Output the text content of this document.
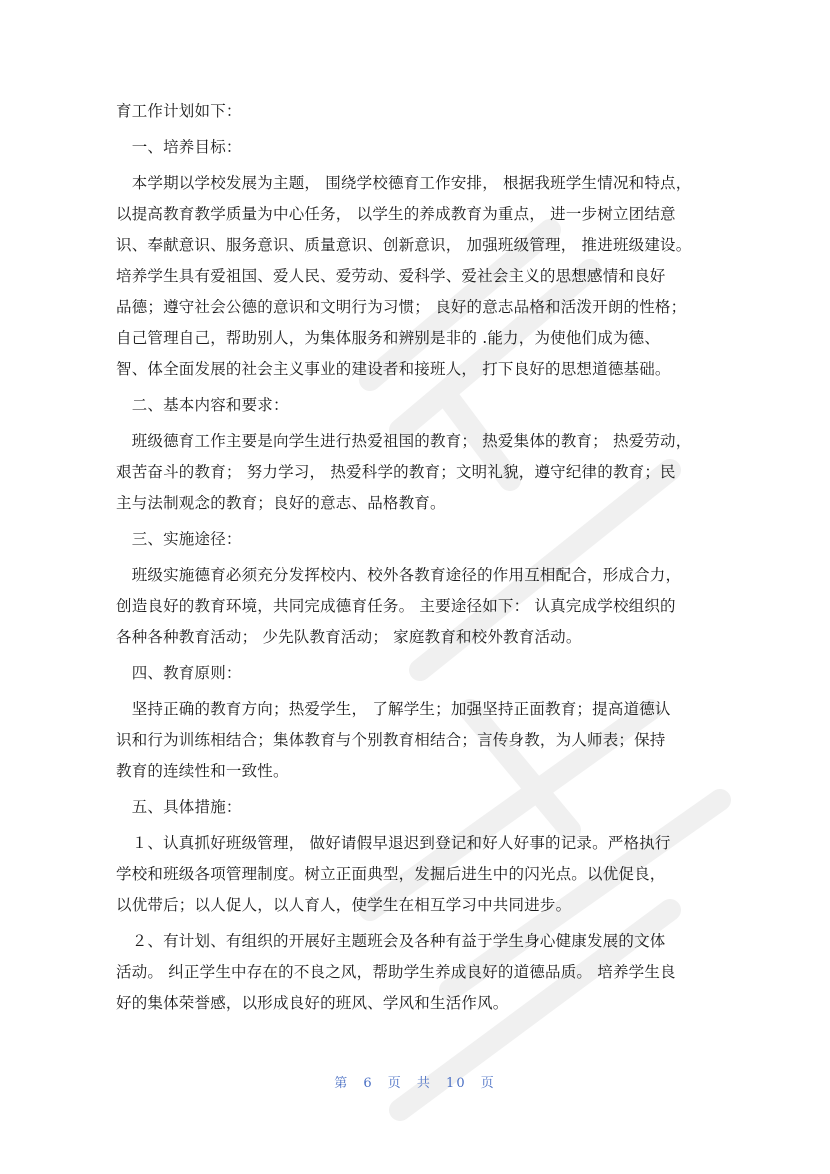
育工作计划如下：
　一、培养目标：
　本学期以学校发展为主题， 围绕学校德育工作安排， 根据我班学生情况和特点，
以提高教育教学质量为中心任务， 以学生的养成教育为重点， 进一步树立团结意
识、奉献意识、服务意识、质量意识、创新意识， 加强班级管理， 推进班级建设。
培养学生具有爱祖国、爱人民、爱劳动、爱科学、爱社会主义的思想感情和良好
品德；遵守社会公德的意识和文明行为习惯； 良好的意志品格和活泼开朗的性格；
自己管理自己，帮助别人，为集体服务和辨别是非的 .能力，为使他们成为德、
智、体全面发展的社会主义事业的建设者和接班人， 打下良好的思想道德基础。
　二、基本内容和要求：
　班级德育工作主要是向学生进行热爱祖国的教育； 热爱集体的教育； 热爱劳动，
艰苦奋斗的教育； 努力学习， 热爱科学的教育；文明礼貌，遵守纪律的教育；民
主与法制观念的教育；良好的意志、品格教育。
　三、实施途径：
　班级实施德育必须充分发挥校内、校外各教育途径的作用互相配合，形成合力，
创造良好的教育环境，共同完成德育任务。 主要途径如下： 认真完成学校组织的
各种各种教育活动； 少先队教育活动； 家庭教育和校外教育活动。
　四、教育原则：
　坚持正确的教育方向；热爱学生， 了解学生；加强坚持正面教育；提高道德认
识和行为训练相结合；集体教育与个别教育相结合；言传身教，为人师表；保持
教育的连续性和一致性。
　五、具体措施：
　１、认真抓好班级管理， 做好请假早退迟到登记和好人好事的记录。严格执行
学校和班级各项管理制度。树立正面典型，发掘后进生中的闪光点。以优促良，
以优带后；以人促人，以人育人，使学生在相互学习中共同进步。
　２、有计划、有组织的开展好主题班会及各种有益于学生身心健康发展的文体
活动。 纠正学生中存在的不良之风，帮助学生养成良好的道德品质。 培养学生良
好的集体荣誉感，以形成良好的班风、学风和生活作风。
第 6 页 共 10 页
